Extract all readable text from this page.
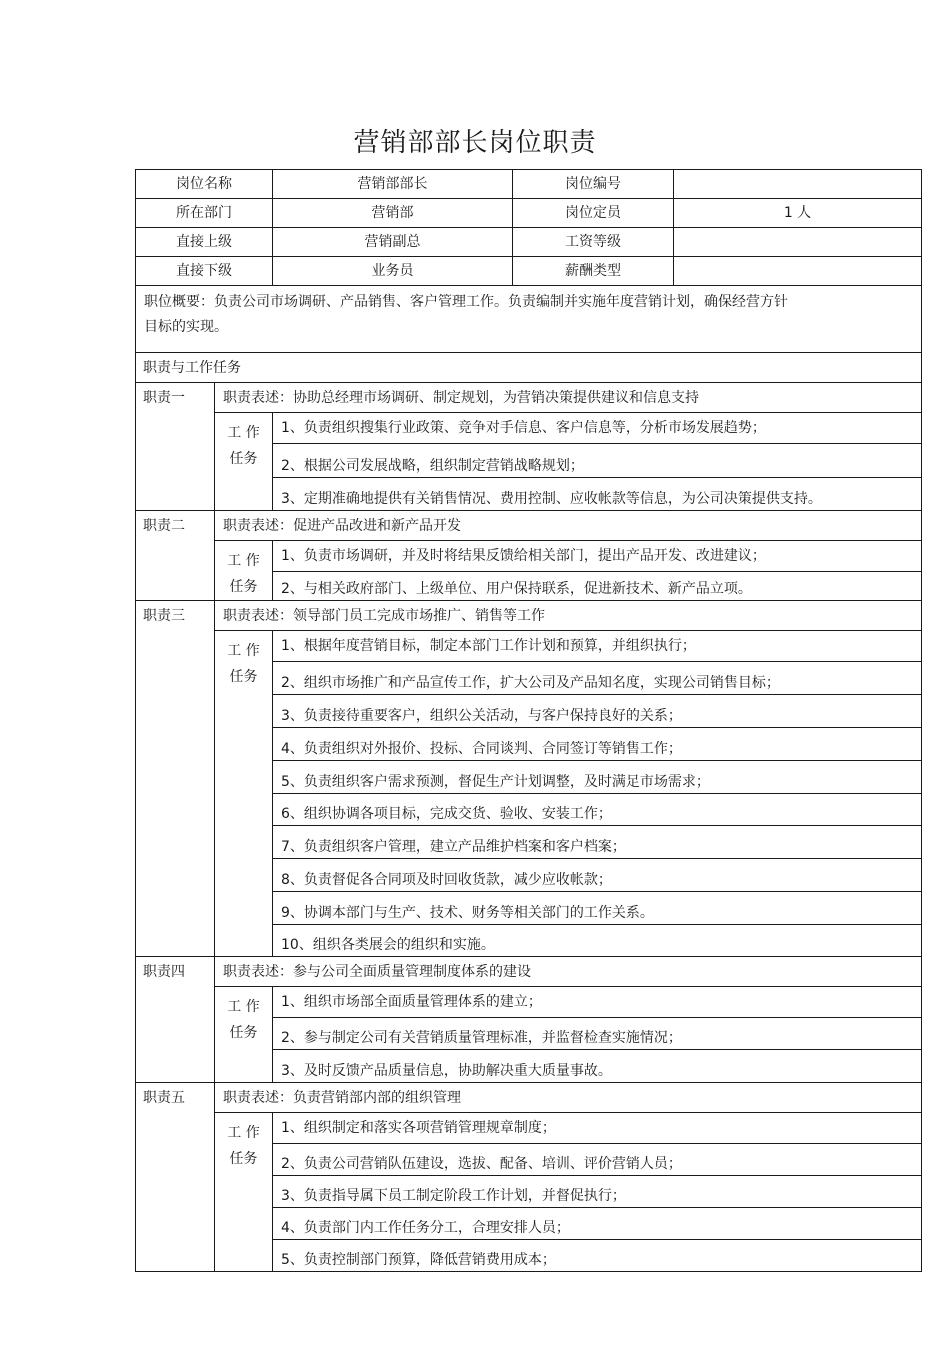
营销部部长岗位职责
岗位名称		营销部部长	岗位编号	
所在部门		营销部	岗位定员	1 人
直接上级		营销副总	工资等级	
直接下级		业务员	薪酬类型	
职位概要：负责公司市场调研、产品销售、客户管理工作。负责编制并实施年度营销计划，确保经营方针
目标的实现。				
职责与工作任务				
职责一	职责表述：协助总经理市场调研、制定规划，为营销决策提供建议和信息支持			
	工 作
任务	1、负责组织搜集行业政策、竞争对手信息、客户信息等，分析市场发展趋势；		
		2、根据公司发展战略，组织制定营销战略规划；		
		3、定期准确地提供有关销售情况、费用控制、应收帐款等信息，为公司决策提供支持。		
职责二	职责表述：促进产品改进和新产品开发			
	工 作
任务	1、负责市场调研，并及时将结果反馈给相关部门，提出产品开发、改进建议；		
		2、与相关政府部门、上级单位、用户保持联系，促进新技术、新产品立项。		
职责三	职责表述：领导部门员工完成市场推广、销售等工作			
	工 作
任务	1、根据年度营销目标，制定本部门工作计划和预算，并组织执行；		
		2、组织市场推广和产品宣传工作，扩大公司及产品知名度，实现公司销售目标；		
		3、负责接待重要客户，组织公关活动，与客户保持良好的关系；		
		4、负责组织对外报价、投标、合同谈判、合同签订等销售工作；		
		5、负责组织客户需求预测，督促生产计划调整，及时满足市场需求；		
		6、组织协调各项目标，完成交货、验收、安装工作；		
		7、负责组织客户管理，建立产品维护档案和客户档案；		
		8、负责督促各合同项及时回收货款，减少应收帐款；		
		9、协调本部门与生产、技术、财务等相关部门的工作关系。		
		10、组织各类展会的组织和实施。		
职责四	职责表述：参与公司全面质量管理制度体系的建设			
	工 作
任务	1、组织市场部全面质量管理体系的建立；		
		2、参与制定公司有关营销质量管理标准，并监督检查实施情况；		
		3、及时反馈产品质量信息，协助解决重大质量事故。		
职责五	职责表述：负责营销部内部的组织管理			
	工 作
任务	1、组织制定和落实各项营销管理规章制度；		
		2、负责公司营销队伍建设，选拔、配备、培训、评价营销人员；		
		3、负责指导属下员工制定阶段工作计划，并督促执行；		
		4、负责部门内工作任务分工，合理安排人员；		
		5、负责控制部门预算，降低营销费用成本；		
